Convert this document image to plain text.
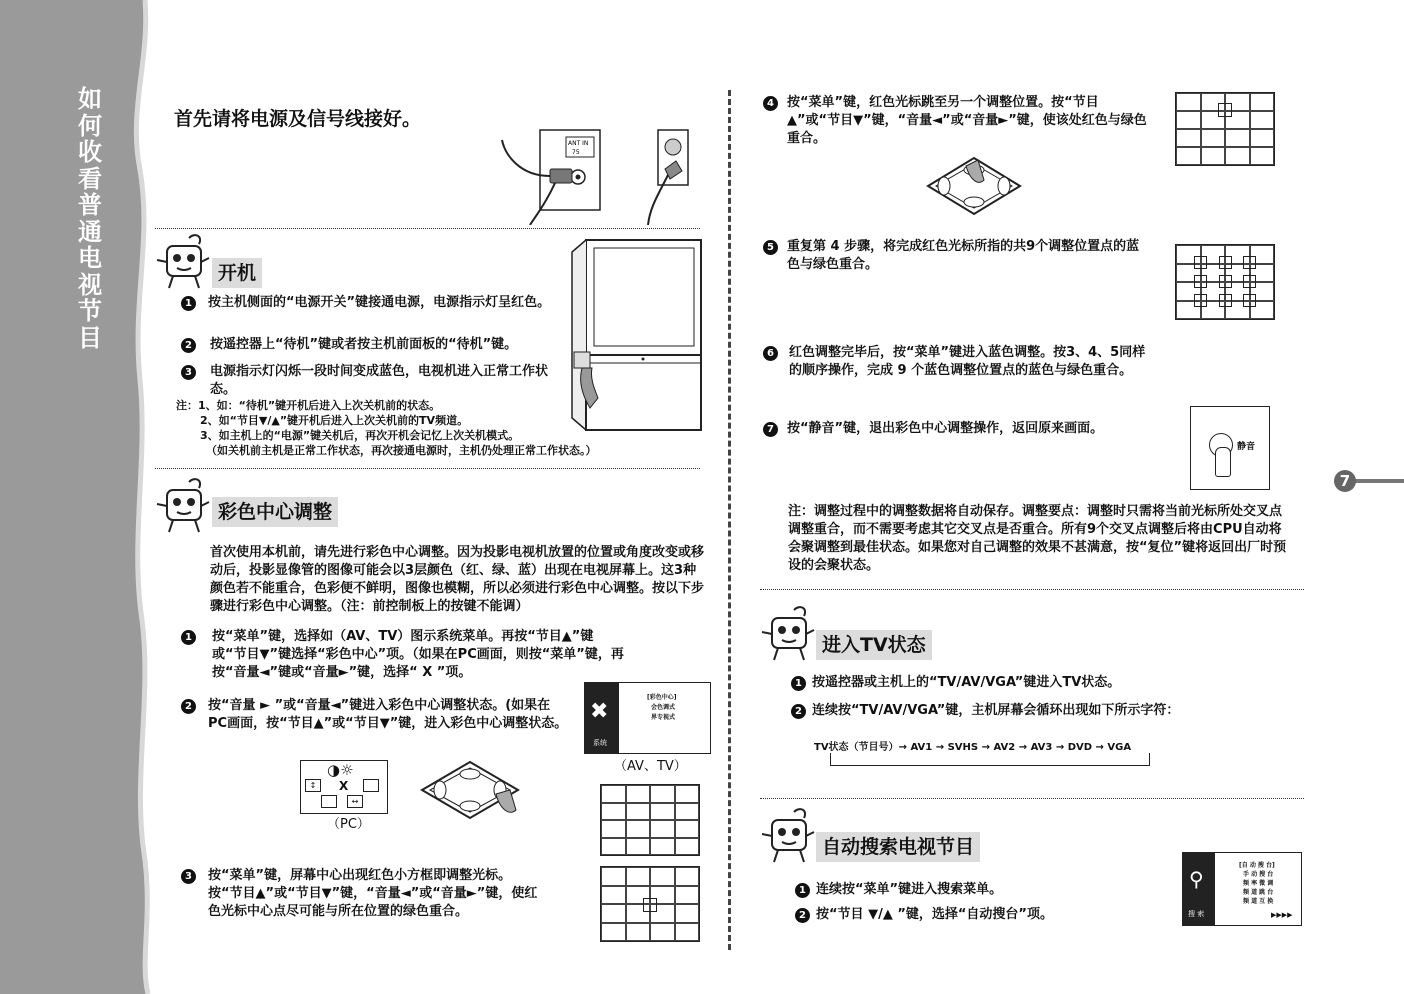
如
何
收
看
普
通
电
视
节
目
7
首先请将电源及信号线接好。
ANT IN
75
开机
1	按主机侧面的“电源开关”键接通电源，电源指示灯呈红色。
2	按遥控器上“待机”键或者按主机前面板的“待机”键。
3	电源指示灯闪烁一段时间变成蓝色，电视机进入正常工作状态。
注：1、如：“待机”键开机后进入上次关机前的状态。
2、如“节目▼/▲”键开机后进入上次关机前的TV频道。
3、如主机上的“电源”键关机后，再次开机会记忆上次关机模式。
（如关机前主机是正常工作状态，再次接通电源时，主机仍处理正常工作状态。）
彩色中心调整
首次使用本机前，请先进行彩色中心调整。因为投影电视机放置的位置或角度改变或移动后，投影显像管的图像可能会以3层颜色（红、绿、蓝）出现在电视屏幕上。这3种颜色若不能重合，色彩便不鲜明，图像也模糊，所以必须进行彩色中心调整。按以下步骤进行彩色中心调整。（注：前控制板上的按键不能调）
1	按“菜单”键，选择如（AV、TV）图示系统菜单。再按“节目▲”键或“节目▼”键选择“彩色中心”项。（如果在PC画面，则按“菜单”键，再按“音量◄”键或“音量►”键，选择“ X ”项。
2	按“音量 ► ”或“音量◄”键进入彩色中心调整状态。(如果在PC画面，按“节目▲”或“节目▼”键，进入彩色中心调整状态。 ✖
系统
[彩色中心]
会色调式
界专视式
（AV、TV）
◑☼
↕	X
↔
（PC）
3	按“菜单”键，屏幕中心出现红色小方框即调整光标。按“节目▲”或“节目▼”键，“音量◄”或“音量►”键，使红色光标中心点尽可能与所在位置的绿色重合。
4	按“菜单”键，红色光标跳至另一个调整位置。按“节目▲”或“节目▼”键，“音量◄”或“音量►”键，使该处红色与绿色重合。
5	重复第 4 步骤，将完成红色光标所指的共9个调整位置点的蓝色与绿色重合。
6	红色调整完毕后，按“菜单”键进入蓝色调整。按3、4、5同样的顺序操作，完成 9 个蓝色调整位置点的蓝色与绿色重合。
7	按“静音”键，退出彩色中心调整操作，返回原来画面。
静音
注：调整过程中的调整数据将自动保存。调整要点：调整时只需将当前光标所处交叉点调整重合，而不需要考虑其它交叉点是否重合。所有9个交叉点调整后将由CPU自动将会聚调整到最佳状态。如果您对自己调整的效果不甚满意，按“复位”键将返回出厂时预设的会聚状态。
进入TV状态
1 按遥控器或主机上的“TV/AV/VGA”键进入TV状态。
2 连续按“TV/AV/VGA”键，主机屏幕会循环出现如下所示字符：
TV状态（节目号）→ AV1 → SVHS → AV2 → AV3 → DVD → VGA
自动搜索电视节目
1 连续按“菜单”键进入搜索菜单。
2 按“节目 ▼/▲ ”键，选择“自动搜台”项。
⚲
搜 索
[自 动 搜 台]
手 动 搜 台
频 率 微 调
频 道 跳 台
频 道 互 换
▶▶▶▶
